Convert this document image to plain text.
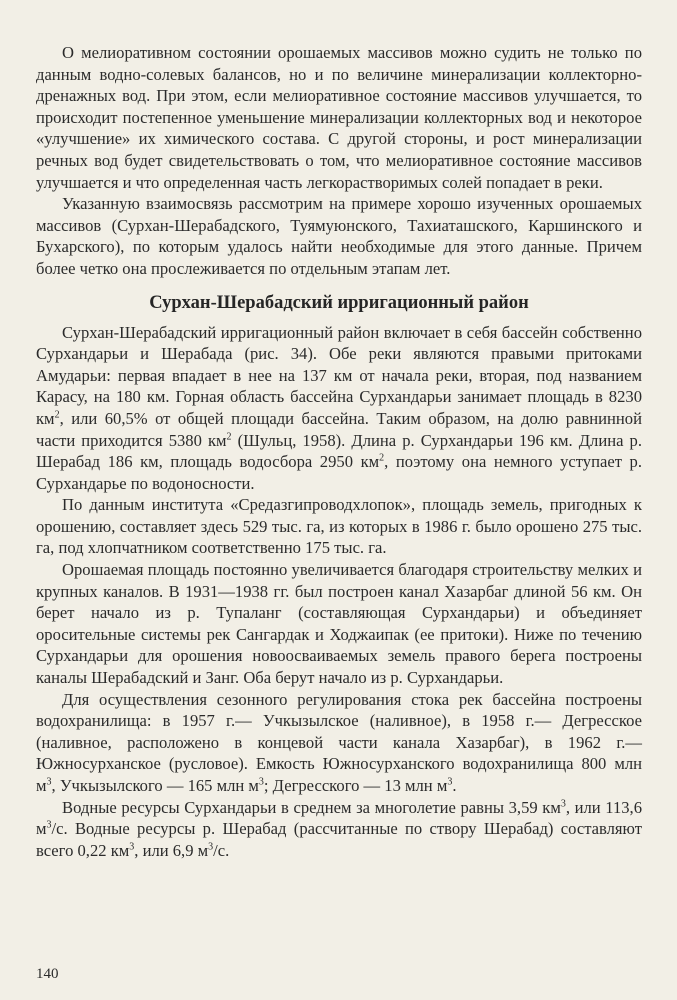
О мелиоративном состоянии орошаемых массивов можно судить не только по данным водно-солевых балансов, но и по величине минерализации коллекторно-дренажных вод. При этом, если мелиоративное состояние массивов улучшается, то происходит постепенное уменьшение минерализации коллекторных вод и некоторое «улучшение» их химического состава. С другой стороны, и рост минерализации речных вод будет свидетельствовать о том, что мелиоративное состояние массивов улучшается и что определенная часть легкорастворимых солей попадает в реки.

Указанную взаимосвязь рассмотрим на примере хорошо изученных орошаемых массивов (Сурхан-Шерабадского, Туямуюнского, Тахиаташского, Каршинского и Бухарского), по которым удалось найти необходимые для этого данные. Причем более четко она прослеживается по отдельным этапам лет.

Сурхан-Шерабадский ирригационный район

Сурхан-Шерабадский ирригационный район включает в себя бассейн собственно Сурхандарьи и Шерабада (рис. 34). Обе реки являются правыми притоками Амударьи: первая впадает в нее на 137 км от начала реки, вторая, под названием Карасу, на 180 км. Горная область бассейна Сурхандарьи занимает площадь в 8230 $км^2$, или 60,5% от общей площади бассейна. Таким образом, на долю равнинной части приходится 5380 $км^2$ (Шульц, 1958). Длина р. Сурхандарьи 196 км. Длина р. Шерабад 186 км, площадь водосбора 2950 $км^2$, поэтому она немного уступает р. Сурхандарье по водоносности.

По данным института «Средазгипроводхлопок», площадь земель, пригодных к орошению, составляет здесь 529 тыс. га, из которых в 1986 г. было орошено 275 тыс. га, под хлопчатником соответственно 175 тыс. га.

Орошаемая площадь постоянно увеличивается благодаря строительству мелких и крупных каналов. В 1931—1938 гг. был построен канал Хазарбаг длиной 56 км. Он берет начало из р. Тупаланг (составляющая Сурхандарьи) и объединяет оросительные системы рек Сангардак и Ходжаипак (ее притоки). Ниже по течению Сурхандарьи для орошения новоосваиваемых земель правого берега построены каналы Шерабадский и Занг. Оба берут начало из р. Сурхандарьи.

Для осуществления сезонного регулирования стока рек бассейна построены водохранилища: в 1957 г.— Учкызылское (наливное), в 1958 г.— Дегресское (наливное, расположено в концевой части канала Хазарбаг), в 1962 г.— Южносурханское (русловое). Емкость Южносурханского водохранилища 800 млн $м^3$, Учкызылского — 165 млн $м^3$; Дегресского — 13 млн $м^3$.

Водные ресурсы Сурхандарьи в среднем за многолетие равны 3,59 $км^3$, или 113,6 $м^3/с$. Водные ресурсы р. Шерабад (рассчитанные по створу Шерабад) составляют всего 0,22 $км^3$, или 6,9 $м^3/с$.

140
